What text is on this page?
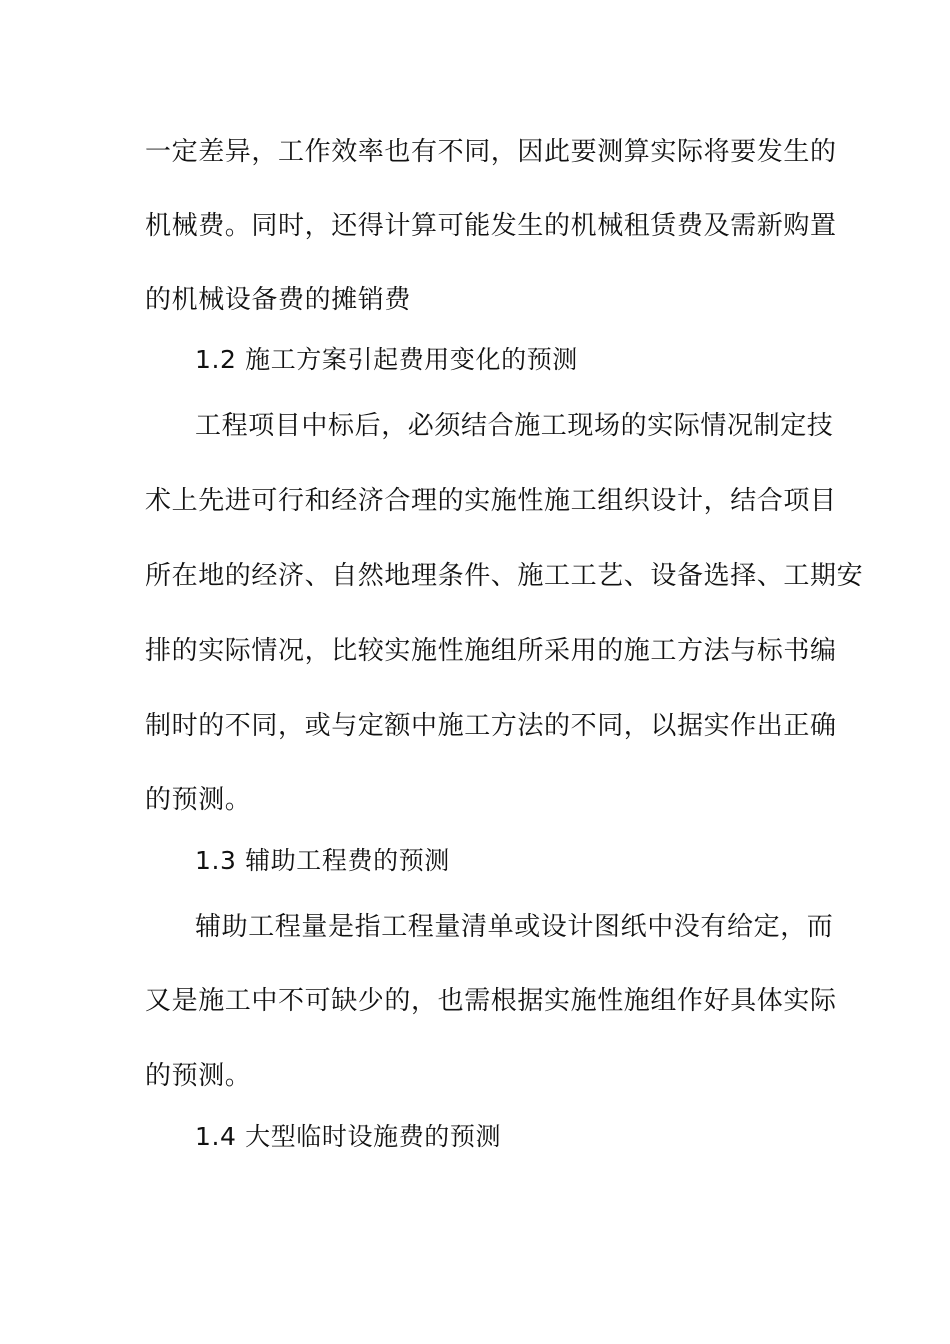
一定差异，工作效率也有不同，因此要测算实际将要发生的
机械费。同时，还得计算可能发生的机械租赁费及需新购置
的机械设备费的摊销费
1.2 施工方案引起费用变化的预测
工程项目中标后，必须结合施工现场的实际情况制定技
术上先进可行和经济合理的实施性施工组织设计，结合项目
所在地的经济、自然地理条件、施工工艺、设备选择、工期安
排的实际情况，比较实施性施组所采用的施工方法与标书编
制时的不同，或与定额中施工方法的不同，以据实作出正确
的预测。
1.3 辅助工程费的预测
辅助工程量是指工程量清单或设计图纸中没有给定，而
又是施工中不可缺少的，也需根据实施性施组作好具体实际
的预测。
1.4 大型临时设施费的预测
